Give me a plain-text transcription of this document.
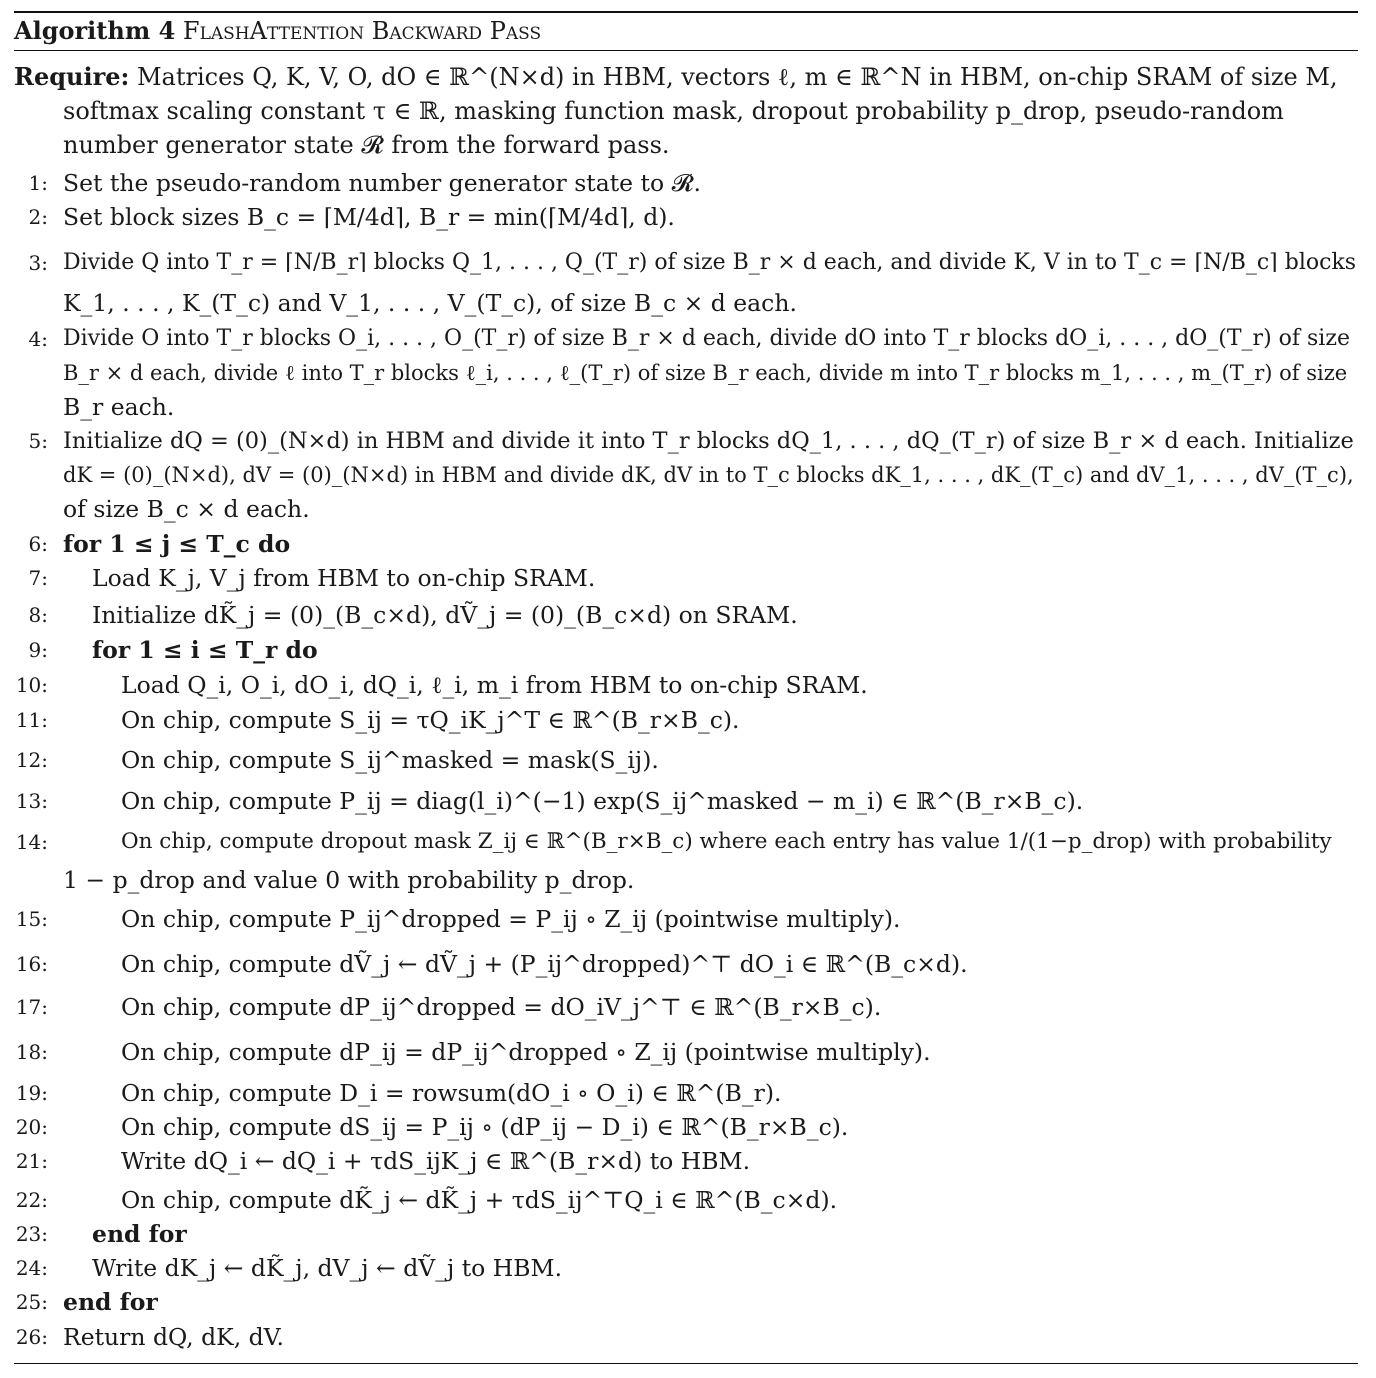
Algorithm 4 FlashAttention Backward Pass
Require: Matrices Q, K, V, O, dO ∈ ℝ^(N×d) in HBM, vectors ℓ, m ∈ ℝ^N in HBM, on-chip SRAM of size M,
softmax scaling constant τ ∈ ℝ, masking function mask, dropout probability p_drop, pseudo-random
number generator state 𝓡 from the forward pass.
1: Set the pseudo-random number generator state to 𝓡.
2: Set block sizes B_c = ⌈M/4d⌉, B_r = min(⌈M/4d⌉, d).
3: Divide Q into T_r = ⌈N/B_r⌉ blocks Q_1, . . . , Q_(T_r) of size B_r × d each, and divide K, V in to T_c = ⌈N/B_c⌉ blocks
K_1, . . . , K_(T_c) and V_1, . . . , V_(T_c), of size B_c × d each.
4: Divide O into T_r blocks O_i, . . . , O_(T_r) of size B_r × d each, divide dO into T_r blocks dO_i, . . . , dO_(T_r) of size
B_r × d each, divide ℓ into T_r blocks ℓ_i, . . . , ℓ_(T_r) of size B_r each, divide m into T_r blocks m_1, . . . , m_(T_r) of size
B_r each.
5: Initialize dQ = (0)_(N×d) in HBM and divide it into T_r blocks dQ_1, . . . , dQ_(T_r) of size B_r × d each. Initialize
dK = (0)_(N×d), dV = (0)_(N×d) in HBM and divide dK, dV in to T_c blocks dK_1, . . . , dK_(T_c) and dV_1, . . . , dV_(T_c),
of size B_c × d each.
6: for 1 ≤ j ≤ T_c do
7: Load K_j, V_j from HBM to on-chip SRAM.
8: Initialize dK̃_j = (0)_(B_c×d), dṼ_j = (0)_(B_c×d) on SRAM.
9: for 1 ≤ i ≤ T_r do
10:	Load Q_i, O_i, dO_i, dQ_i, ℓ_i, m_i from HBM to on-chip SRAM.
11:	On chip, compute S_ij = τQ_iK_j^T ∈ ℝ^(B_r×B_c).
12:	On chip, compute S_ij^masked = mask(S_ij).
13:	On chip, compute P_ij = diag(l_i)^(−1) exp(S_ij^masked − m_i) ∈ ℝ^(B_r×B_c).
14:	On chip, compute dropout mask Z_ij ∈ ℝ^(B_r×B_c) where each entry has value 1/(1−p_drop) with probability
1 − p_drop and value 0 with probability p_drop.
15:	On chip, compute P_ij^dropped = P_ij ∘ Z_ij (pointwise multiply).
16:	On chip, compute dṼ_j ← dṼ_j + (P_ij^dropped)^⊤ dO_i ∈ ℝ^(B_c×d).
17:	On chip, compute dP_ij^dropped = dO_iV_j^⊤ ∈ ℝ^(B_r×B_c).
18:	On chip, compute dP_ij = dP_ij^dropped ∘ Z_ij (pointwise multiply).
19:	On chip, compute D_i = rowsum(dO_i ∘ O_i) ∈ ℝ^(B_r).
20:	On chip, compute dS_ij = P_ij ∘ (dP_ij − D_i) ∈ ℝ^(B_r×B_c).
21:	Write dQ_i ← dQ_i + τdS_ijK_j ∈ ℝ^(B_r×d) to HBM.
22:	On chip, compute dK̃_j ← dK̃_j + τdS_ij^⊤Q_i ∈ ℝ^(B_c×d).
23: end for
24: Write dK_j ← dK̃_j, dV_j ← dṼ_j to HBM.
25: end for
26: Return dQ, dK, dV.
